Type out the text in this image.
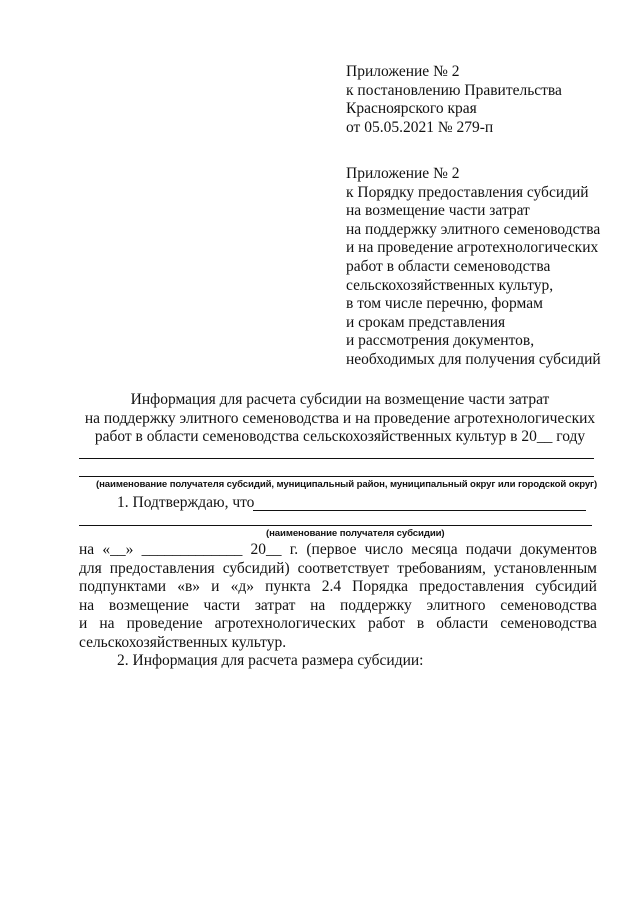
Приложение № 2
к постановлению Правительства
Красноярского края
от 05.05.2021 № 279-п
Приложение № 2
к Порядку предоставления субсидий
на возмещение части затрат
на поддержку элитного семеноводства
и на проведение агротехнологических
работ в области семеноводства
сельскохозяйственных культур,
в том числе перечню, формам
и срокам представления
и рассмотрения документов,
необходимых для получения субсидий
Информация для расчета субсидии на возмещение части затрат
на поддержку элитного семеноводства и на проведение агротехнологических
работ в области семеноводства сельскохозяйственных культур в 20__ году
(наименование получателя субсидий, муниципальный район, муниципальный округ или городской округ)
1. Подтверждаю, что
(наименование получателя субсидии)
на «__» _____________ 20__ г. (первое число месяца подачи документов
для предоставления субсидий) соответствует требованиям, установленным
подпунктами «в» и «д» пункта 2.4 Порядка предоставления субсидий
на возмещение части затрат на поддержку элитного семеноводства
и на проведение агротехнологических работ в области семеноводства
сельскохозяйственных культур.
2. Информация для расчета размера субсидии:
